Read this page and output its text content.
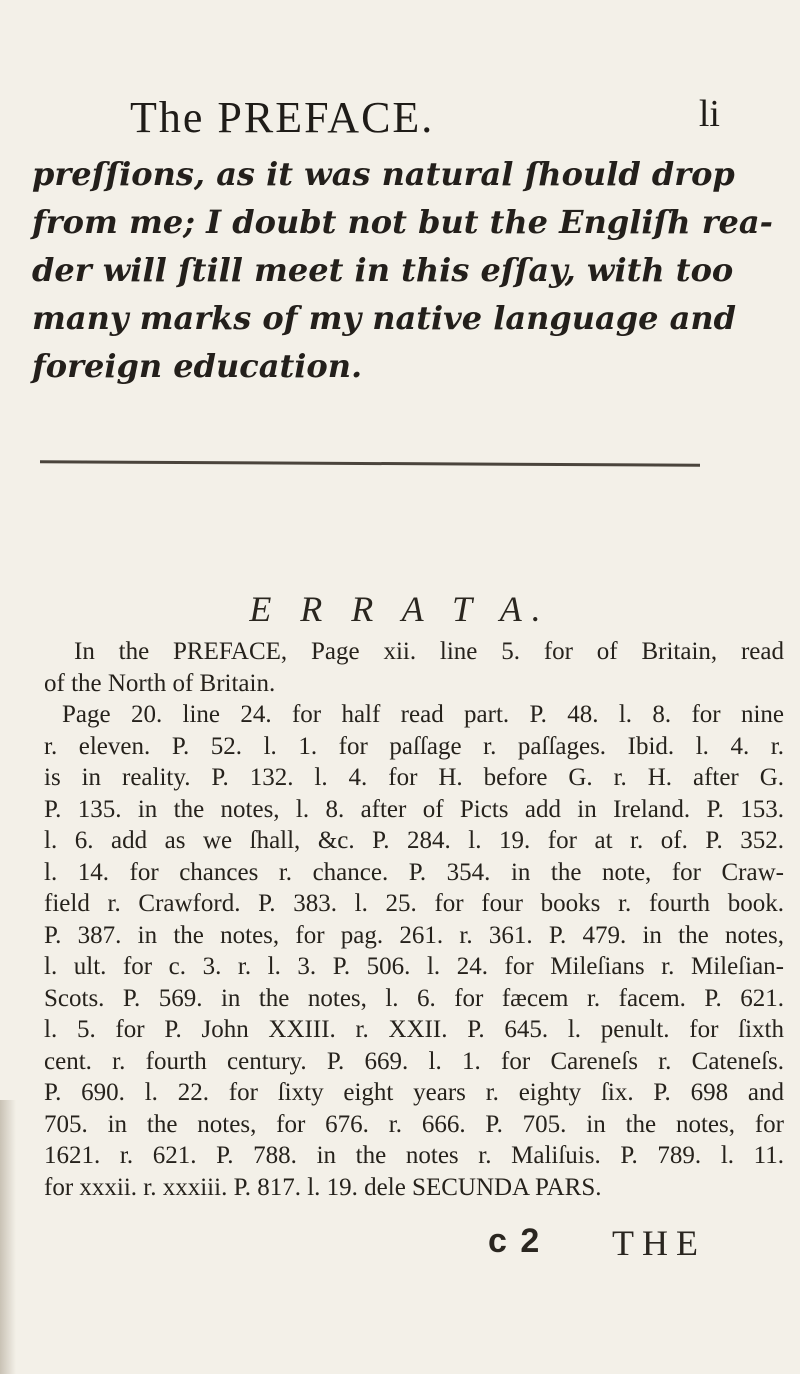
The PREFACE.	li
preſſions, as it was natural ſhould drop
from me; I doubt not but the Engliſh rea-
der will ſtill meet in this eſſay, with too
many marks of my native language and
foreign education.
E R R A T A.
In the PREFACE, Page xii. line 5. for of Britain, read
of the North of Britain.
Page 20. line 24. for half read part. P. 48. l. 8. for nine
r. eleven. P. 52. l. 1. for paſſage r. paſſages. Ibid. l. 4. r.
is in reality. P. 132. l. 4. for H. before G. r. H. after G.
P. 135. in the notes, l. 8. after of Picts add in Ireland. P. 153.
l. 6. add as we ſhall, &c. P. 284. l. 19. for at r. of. P. 352.
l. 14. for chances r. chance. P. 354. in the note, for Craw-
field r. Crawford. P. 383. l. 25. for four books r. fourth book.
P. 387. in the notes, for pag. 261. r. 361. P. 479. in the notes,
l. ult. for c. 3. r. l. 3. P. 506. l. 24. for Mileſians r. Mileſian-
Scots. P. 569. in the notes, l. 6. for fæcem r. facem. P. 621.
l. 5. for P. John XXIII. r. XXII. P. 645. l. penult. for ſixth
cent. r. fourth century. P. 669. l. 1. for Careneſs r. Cateneſs.
P. 690. l. 22. for ſixty eight years r. eighty ſix. P. 698 and
705. in the notes, for 676. r. 666. P. 705. in the notes, for
1621. r. 621. P. 788. in the notes r. Maliſuis. P. 789. l. 11.
for xxxii. r. xxxiii. P. 817. l. 19. dele SECUNDA PARS.
c 2 THE
